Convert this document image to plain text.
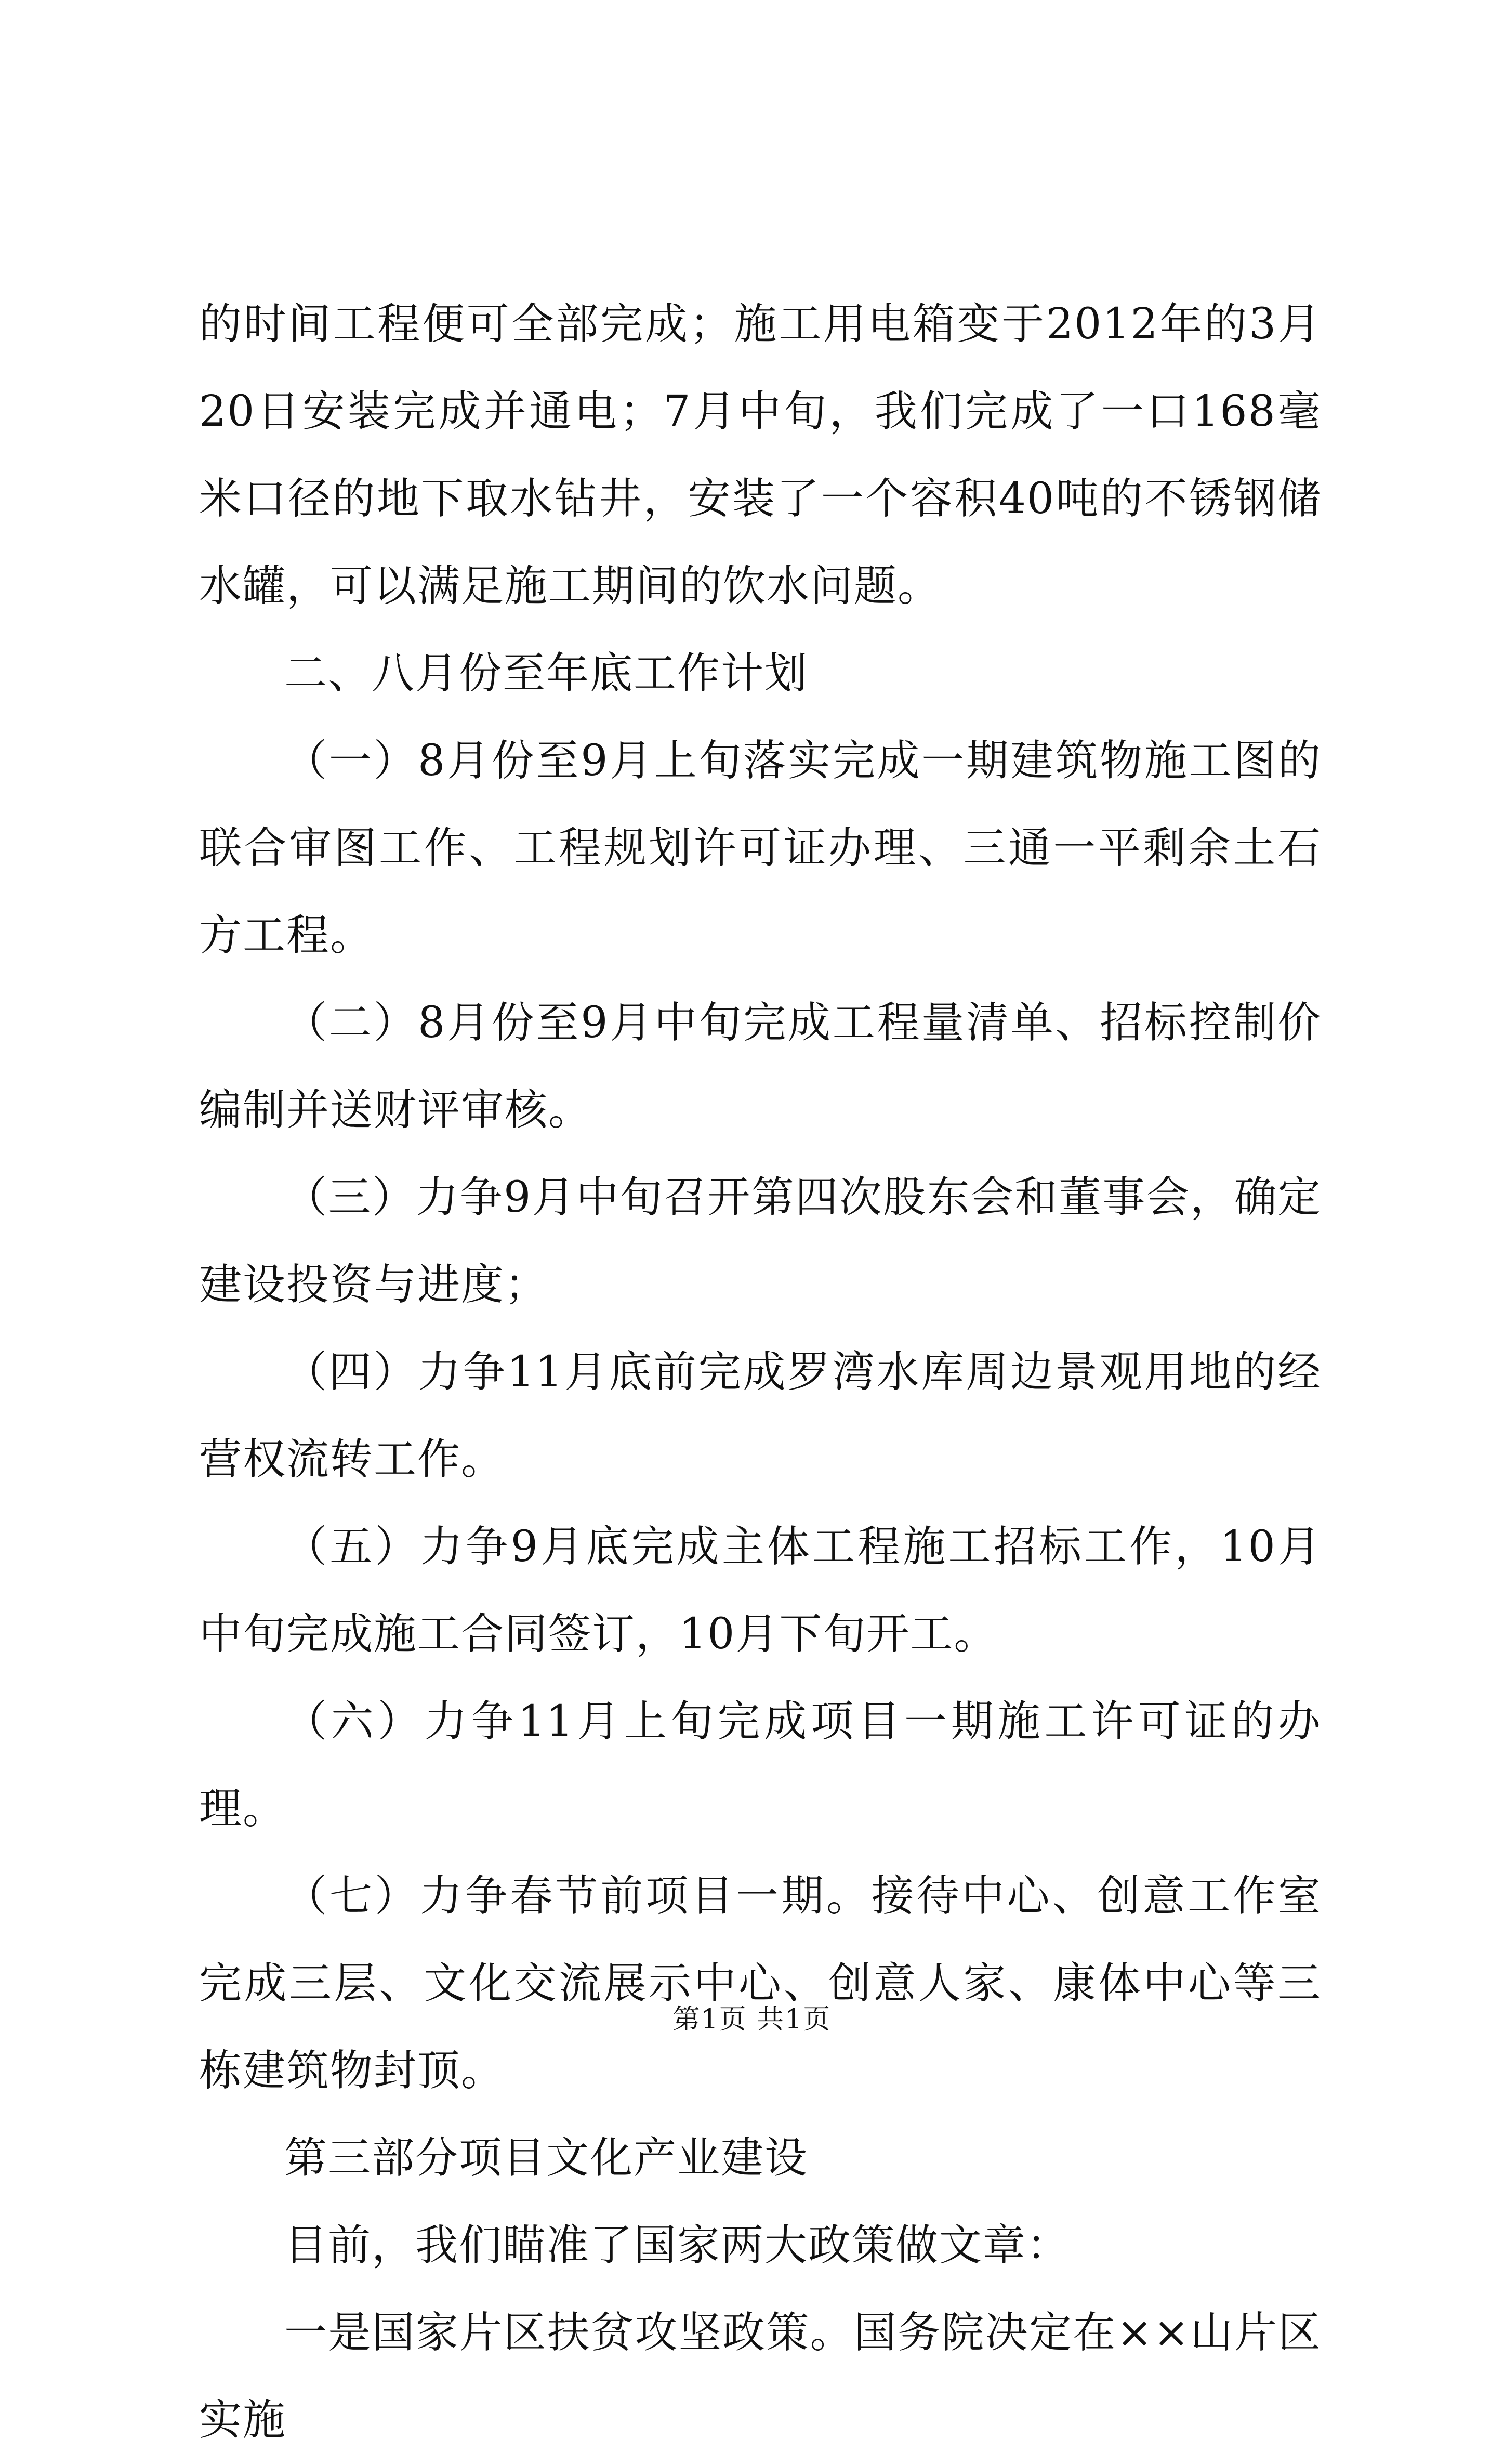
的时间工程便可全部完成；施工用电箱变于2012年的3月20日安装完成并通电；7月中旬，我们完成了一口168毫米口径的地下取水钻井，安装了一个容积40吨的不锈钢储水罐，可以满足施工期间的饮水问题。

二、八月份至年底工作计划

（一）8月份至9月上旬落实完成一期建筑物施工图的联合审图工作、工程规划许可证办理、三通一平剩余土石方工程。

（二）8月份至9月中旬完成工程量清单、招标控制价编制并送财评审核。

（三）力争9月中旬召开第四次股东会和董事会，确定建设投资与进度；

（四）力争11月底前完成罗湾水库周边景观用地的经营权流转工作。

（五）力争9月底完成主体工程施工招标工作，10月中旬完成施工合同签订，10月下旬开工。

（六）力争11月上旬完成项目一期施工许可证的办理。

（七）力争春节前项目一期。接待中心、创意工作室完成三层、文化交流展示中心、创意人家、康体中心等三栋建筑物封顶。

第三部分项目文化产业建设

目前，我们瞄准了国家两大政策做文章：

一是国家片区扶贫攻坚政策。国务院决定在××山片区实施

第1页 共1页
